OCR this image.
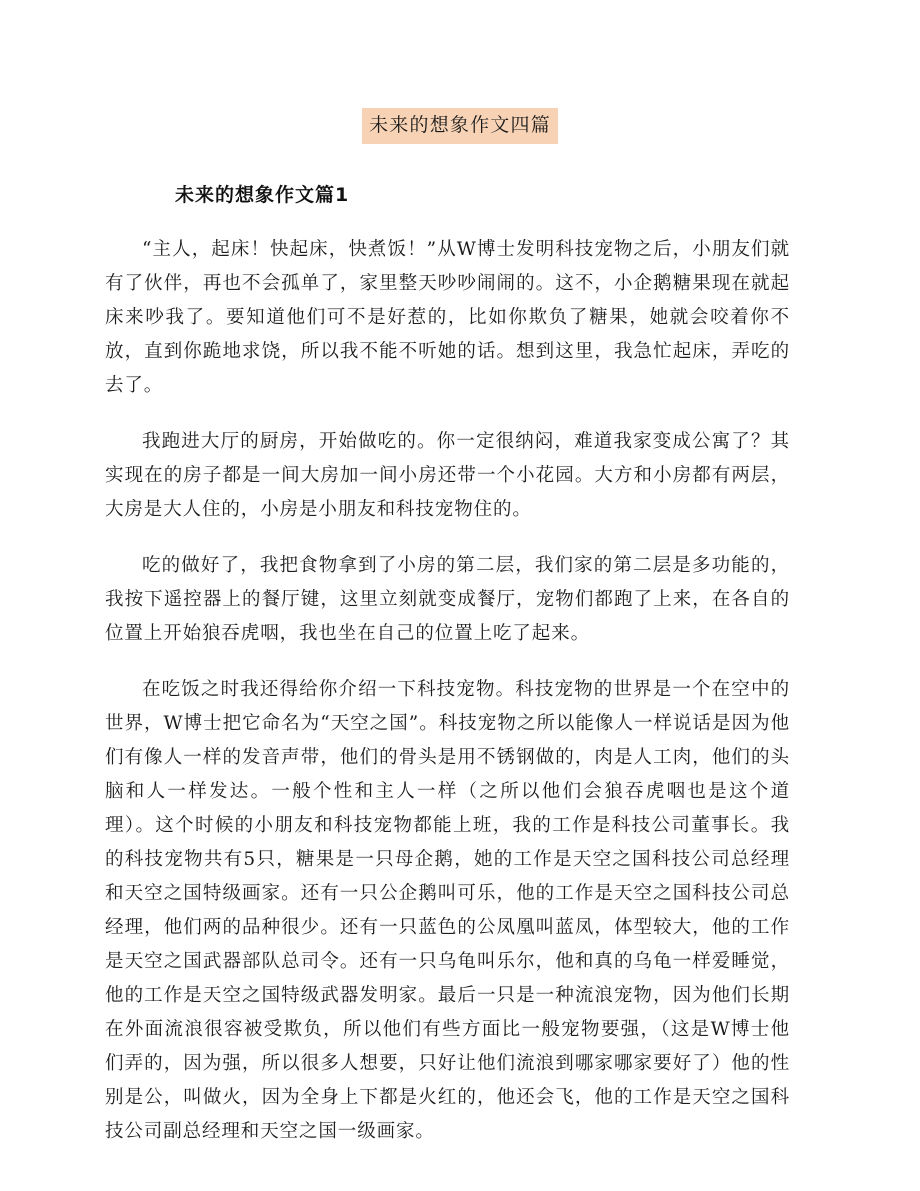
未来的想象作文四篇
未来的想象作文篇1

“主人，起床！快起床，快煮饭！”从W博士发明科技宠物之后，小朋友们就有了伙伴，再也不会孤单了，家里整天吵吵闹闹的。这不，小企鹅糖果现在就起床来吵我了。要知道他们可不是好惹的，比如你欺负了糖果，她就会咬着你不放，直到你跪地求饶，所以我不能不听她的话。想到这里，我急忙起床，弄吃的去了。

我跑进大厅的厨房，开始做吃的。你一定很纳闷，难道我家变成公寓了？其实现在的房子都是一间大房加一间小房还带一个小花园。大方和小房都有两层，大房是大人住的，小房是小朋友和科技宠物住的。

吃的做好了，我把食物拿到了小房的第二层，我们家的第二层是多功能的，我按下遥控器上的餐厅键，这里立刻就变成餐厅，宠物们都跑了上来，在各自的位置上开始狼吞虎咽，我也坐在自己的位置上吃了起来。

在吃饭之时我还得给你介绍一下科技宠物。科技宠物的世界是一个在空中的世界，W博士把它命名为“天空之国”。科技宠物之所以能像人一样说话是因为他们有像人一样的发音声带，他们的骨头是用不锈钢做的，肉是人工肉，他们的头脑和人一样发达。一般个性和主人一样（之所以他们会狼吞虎咽也是这个道理）。这个时候的小朋友和科技宠物都能上班，我的工作是科技公司董事长。我的科技宠物共有5只，糖果是一只母企鹅，她的工作是天空之国科技公司总经理和天空之国特级画家。还有一只公企鹅叫可乐，他的工作是天空之国科技公司总经理，他们两的品种很少。还有一只蓝色的公凤凰叫蓝凤，体型较大，他的工作是天空之国武器部队总司令。还有一只乌龟叫乐尔，他和真的乌龟一样爱睡觉，他的工作是天空之国特级武器发明家。最后一只是一种流浪宠物，因为他们长期在外面流浪很容被受欺负，所以他们有些方面比一般宠物要强，（这是W博士他们弄的，因为强，所以很多人想要，只好让他们流浪到哪家哪家要好了）他的性别是公，叫做火，因为全身上下都是火红的，他还会飞，他的工作是天空之国科技公司副总经理和天空之国一级画家。
